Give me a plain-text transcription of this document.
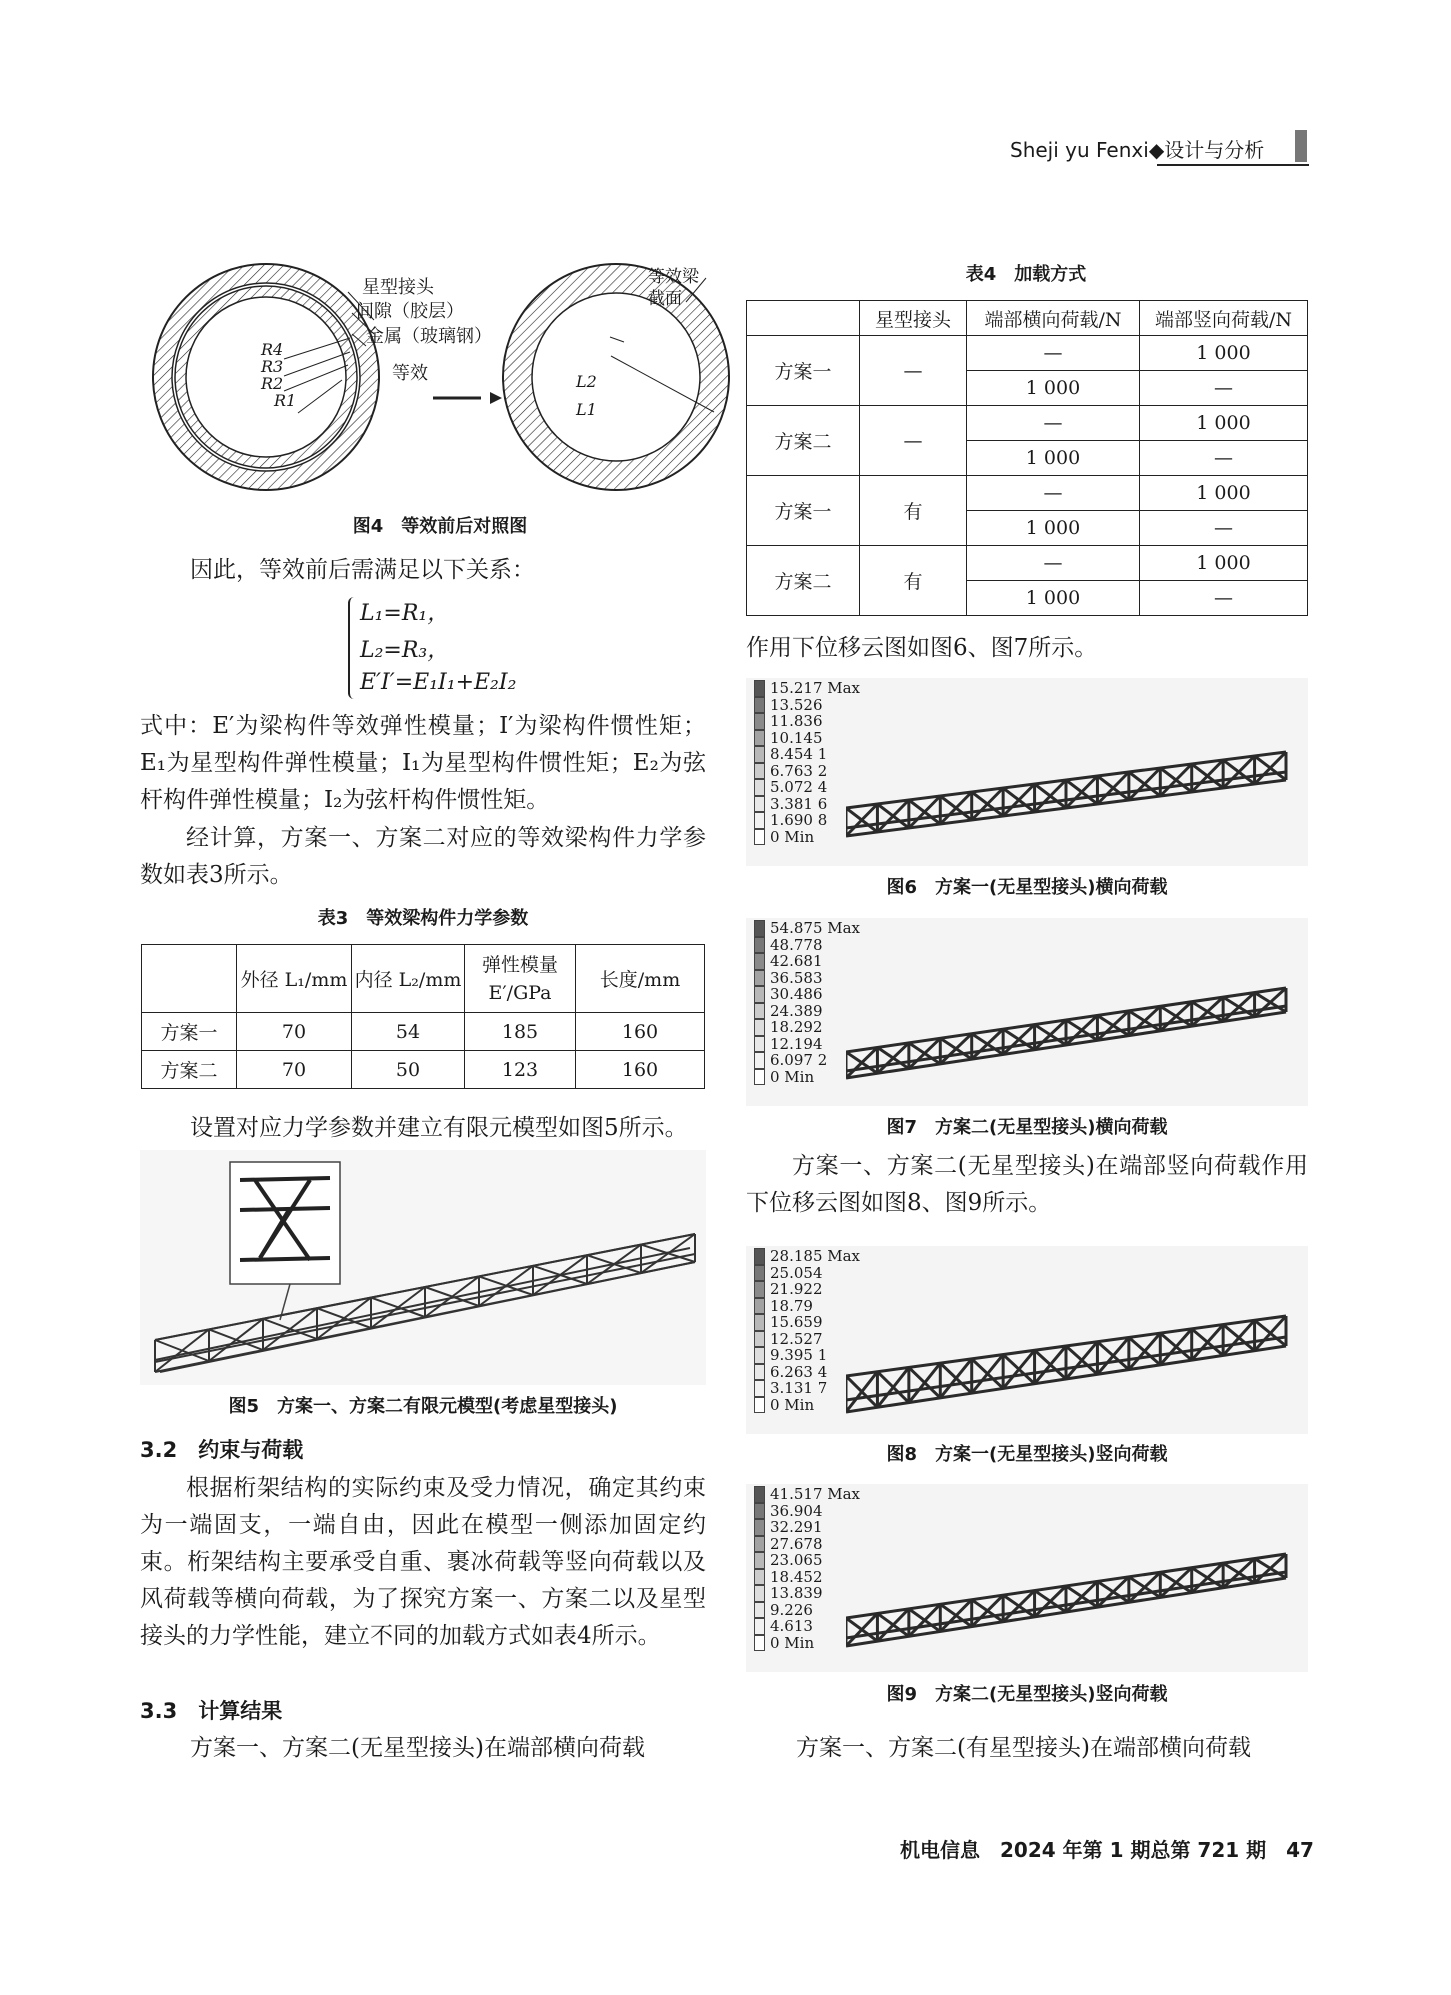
Sheji yu Fenxi◆设计与分析
星型接头
间隙（胶层）
金属（玻璃钢）
R4
R3
R2
R1
等效
等效梁
截面
L2
L1
图4　等效前后对照图
因此，等效前后需满足以下关系：
L₁=R₁，
L₂=R₃，
E′I′=E₁I₁+E₂I₂
式中：E′为梁构件等效弹性模量；I′为梁构件惯性矩；E₁为星型构件弹性模量；I₁为星型构件惯性矩；E₂为弦杆构件弹性模量；I₂为弦杆构件惯性矩。
经计算，方案一、方案二对应的等效梁构件力学参数如表3所示。
表3　等效梁构件力学参数
	外径 L₁/mm	内径 L₂/mm	弹性模量 E′/GPa	长度/mm
方案一	70	54	185	160
方案二	70	50	123	160
设置对应力学参数并建立有限元模型如图5所示。
图5　方案一、方案二有限元模型(考虑星型接头)
3.2　约束与荷载
根据桁架结构的实际约束及受力情况，确定其约束为一端固支，一端自由，因此在模型一侧添加固定约束。桁架结构主要承受自重、裹冰荷载等竖向荷载以及风荷载等横向荷载，为了探究方案一、方案二以及星型接头的力学性能，建立不同的加载方式如表4所示。
3.3　计算结果
方案一、方案二(无星型接头)在端部横向荷载
表4　加载方式
	星型接头	端部横向荷载/N	端部竖向荷载/N
方案一	—	—	1 000
		1 000	—
方案二	—	—	1 000
		1 000	—
方案一	有	—	1 000
		1 000	—
方案二	有	—	1 000
		1 000	—
作用下位移云图如图6、图7所示。
15.217 Max
13.526
11.836
10.145
8.454 1
6.763 2
5.072 4
3.381 6
1.690 8
0 Min
图6　方案一(无星型接头)横向荷载
54.875 Max
48.778
42.681
36.583
30.486
24.389
18.292
12.194
6.097 2
0 Min
图7　方案二(无星型接头)横向荷载
方案一、方案二(无星型接头)在端部竖向荷载作用下位移云图如图8、图9所示。
28.185 Max
25.054
21.922
18.79
15.659
12.527
9.395 1
6.263 4
3.131 7
0 Min
图8　方案一(无星型接头)竖向荷载
41.517 Max
36.904
32.291
27.678
23.065
18.452
13.839
9.226
4.613
0 Min
图9　方案二(无星型接头)竖向荷载
方案一、方案二(有星型接头)在端部横向荷载
机电信息　2024 年第 1 期总第 721 期　47
